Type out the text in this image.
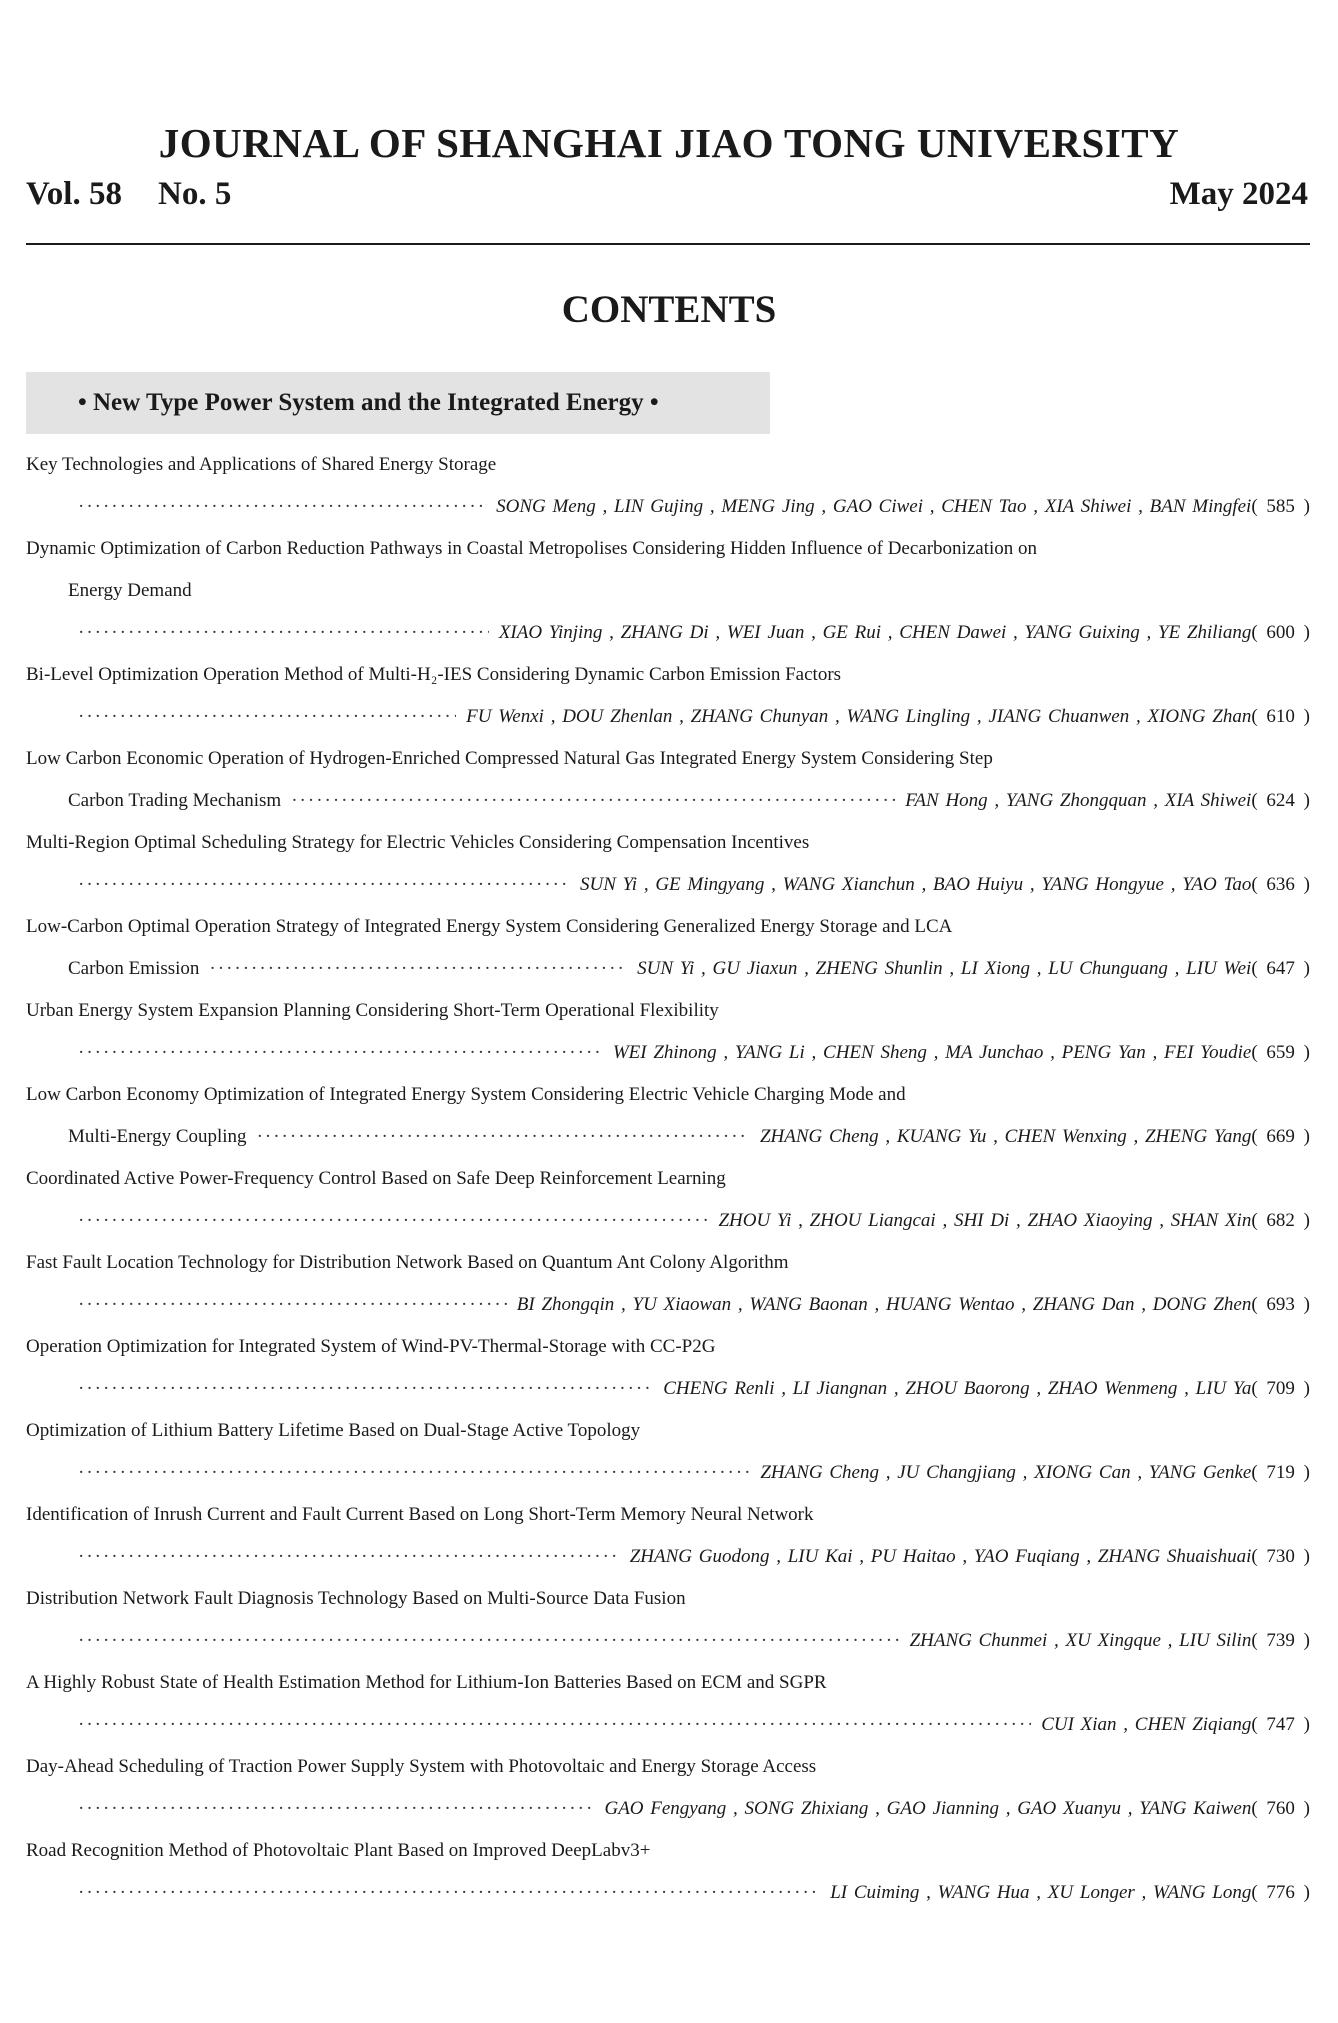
JOURNAL OF SHANGHAI JIAO TONG UNIVERSITY
Vol. 58 No. 5	May 2024
CONTENTS
• New Type Power System and the Integrated Energy •
Key Technologies and Applications of Shared Energy Storage
·····
SONG Meng , LIN Gujing , MENG Jing , GAO Ciwei , CHEN Tao , XIA Shiwei , BAN Mingfei ( 585 )
Dynamic Optimization of Carbon Reduction Pathways in Coastal Metropolises Considering Hidden Influence of Decarbonization on
Energy Demand
·····
XIAO Yinjing , ZHANG Di , WEI Juan , GE Rui , CHEN Dawei , YANG Guixing , YE Zhiliang ( 600 )
Bi-Level Optimization Operation Method of Multi-H₂-IES Considering Dynamic Carbon Emission Factors
·····
FU Wenxi , DOU Zhenlan , ZHANG Chunyan , WANG Lingling , JIANG Chuanwen , XIONG Zhan ( 610 )
Low Carbon Economic Operation of Hydrogen-Enriched Compressed Natural Gas Integrated Energy System Considering Step
Carbon Trading Mechanism ·····	FAN Hong , YANG Zhongquan , XIA Shiwei ( 624 )
Multi-Region Optimal Scheduling Strategy for Electric Vehicles Considering Compensation Incentives
·····
SUN Yi , GE Mingyang , WANG Xianchun , BAO Huiyu , YANG Hongyue , YAO Tao ( 636 )
Low-Carbon Optimal Operation Strategy of Integrated Energy System Considering Generalized Energy Storage and LCA
Carbon Emission ·····	SUN Yi , GU Jiaxun , ZHENG Shunlin , LI Xiong , LU Chunguang , LIU Wei ( 647 )
Urban Energy System Expansion Planning Considering Short-Term Operational Flexibility
·····
WEI Zhinong , YANG Li , CHEN Sheng , MA Junchao , PENG Yan , FEI Youdie ( 659 )
Low Carbon Economy Optimization of Integrated Energy System Considering Electric Vehicle Charging Mode and
Multi-Energy Coupling ·····	ZHANG Cheng , KUANG Yu , CHEN Wenxing , ZHENG Yang ( 669 )
Coordinated Active Power-Frequency Control Based on Safe Deep Reinforcement Learning
·····
ZHOU Yi , ZHOU Liangcai , SHI Di , ZHAO Xiaoying , SHAN Xin ( 682 )
Fast Fault Location Technology for Distribution Network Based on Quantum Ant Colony Algorithm
·····
BI Zhongqin , YU Xiaowan , WANG Baonan , HUANG Wentao , ZHANG Dan , DONG Zhen ( 693 )
Operation Optimization for Integrated System of Wind-PV-Thermal-Storage with CC-P2G
·····
CHENG Renli , LI Jiangnan , ZHOU Baorong , ZHAO Wenmeng , LIU Ya ( 709 )
Optimization of Lithium Battery Lifetime Based on Dual-Stage Active Topology
·····
ZHANG Cheng , JU Changjiang , XIONG Can , YANG Genke ( 719 )
Identification of Inrush Current and Fault Current Based on Long Short-Term Memory Neural Network
·····
ZHANG Guodong , LIU Kai , PU Haitao , YAO Fuqiang , ZHANG Shuaishuai ( 730 )
Distribution Network Fault Diagnosis Technology Based on Multi-Source Data Fusion
·····
ZHANG Chunmei , XU Xingque , LIU Silin ( 739 )
A Highly Robust State of Health Estimation Method for Lithium-Ion Batteries Based on ECM and SGPR
·····
CUI Xian , CHEN Ziqiang ( 747 )
Day-Ahead Scheduling of Traction Power Supply System with Photovoltaic and Energy Storage Access
·····
GAO Fengyang , SONG Zhixiang , GAO Jianning , GAO Xuanyu , YANG Kaiwen ( 760 )
Road Recognition Method of Photovoltaic Plant Based on Improved DeepLabv3+
·····
LI Cuiming , WANG Hua , XU Longer , WANG Long ( 776 )
